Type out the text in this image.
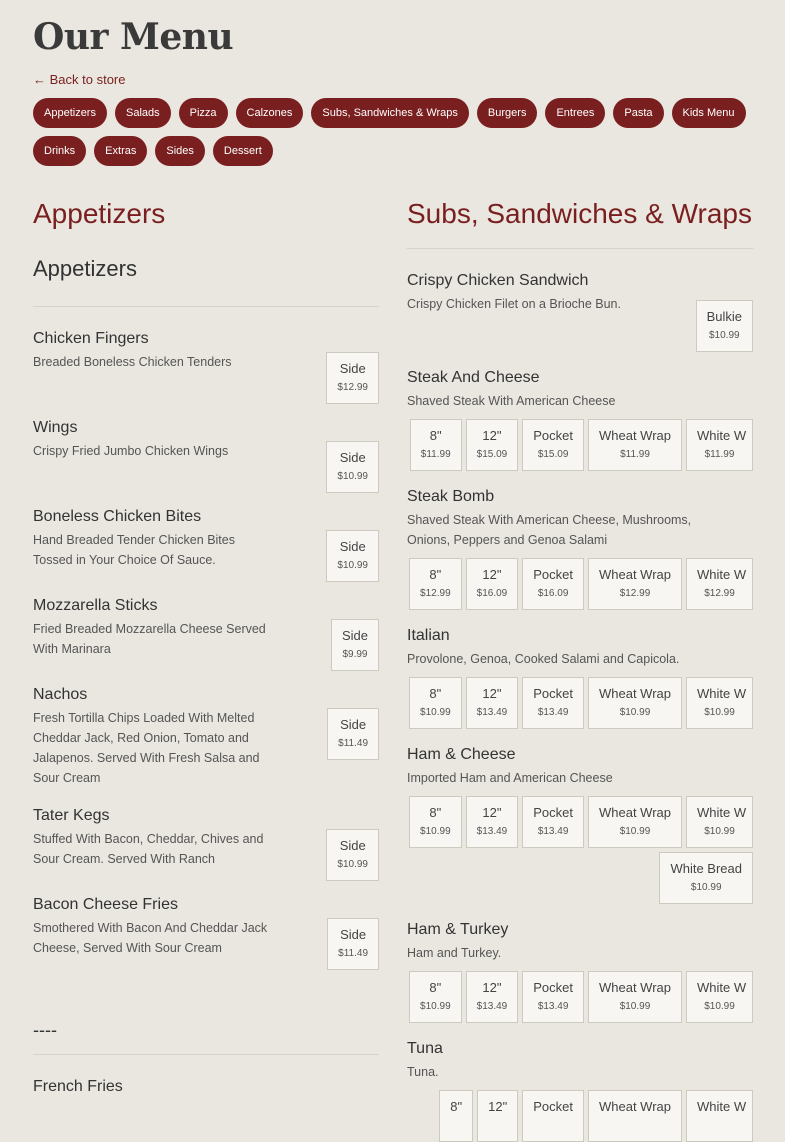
Our Menu
← Back to store
Appetizers	Salads	Pizza	Calzones	Subs, Sandwiches & Wraps	Burgers	Entrees	Pasta	Kids Menu
Drinks	Extras	Sides	Dessert
Appetizers
Appetizers
Chicken Fingers
Breaded Boneless Chicken Tenders	Side
$12.99
Wings
Crispy Fried Jumbo Chicken Wings	Side
$10.99
Boneless Chicken Bites
Hand Breaded Tender Chicken Bites Tossed in Your Choice Of Sauce.
Side
$10.99
Mozzarella Sticks
Fried Breaded Mozzarella Cheese Served With Marinara
Side
$9.99
Nachos
Fresh Tortilla Chips Loaded With Melted Cheddar Jack, Red Onion, Tomato and Jalapenos. Served With Fresh Salsa and Sour Cream
Side
$11.49
Tater Kegs
Stuffed With Bacon, Cheddar, Chives and Sour Cream. Served With Ranch
Side
$10.99
Bacon Cheese Fries
Smothered With Bacon And Cheddar Jack Cheese, Served With Sour Cream
Side
$11.49
----
French Fries
Subs, Sandwiches & Wraps
Crispy Chicken Sandwich
Crispy Chicken Filet on a Brioche Bun.
Bulkie
$10.99
Steak And Cheese
Shaved Steak With American Cheese
8"
$11.99
12"
$15.09
Pocket
$15.09
Wheat Wrap
$11.99
White W
$11.99
Steak Bomb
Shaved Steak With American Cheese, Mushrooms, Onions, Peppers and Genoa Salami
8"
$12.99
12"
$16.09
Pocket
$16.09
Wheat Wrap
$12.99
White W
$12.99
Italian
Provolone, Genoa, Cooked Salami and Capicola.
8"
$10.99
12"
$13.49
Pocket
$13.49
Wheat Wrap
$10.99
White W
$10.99
Ham & Cheese
Imported Ham and American Cheese
8"
$10.99
12"
$13.49
Pocket
$13.49
Wheat Wrap
$10.99
White W
$10.99
White Bread
$10.99
Ham & Turkey
Ham and Turkey.
8"
$10.99
12"
$13.49
Pocket
$13.49
Wheat Wrap
$10.99
White W
$10.99
Tuna
Tuna.
8" 12" Pocket Wheat Wrap White W
